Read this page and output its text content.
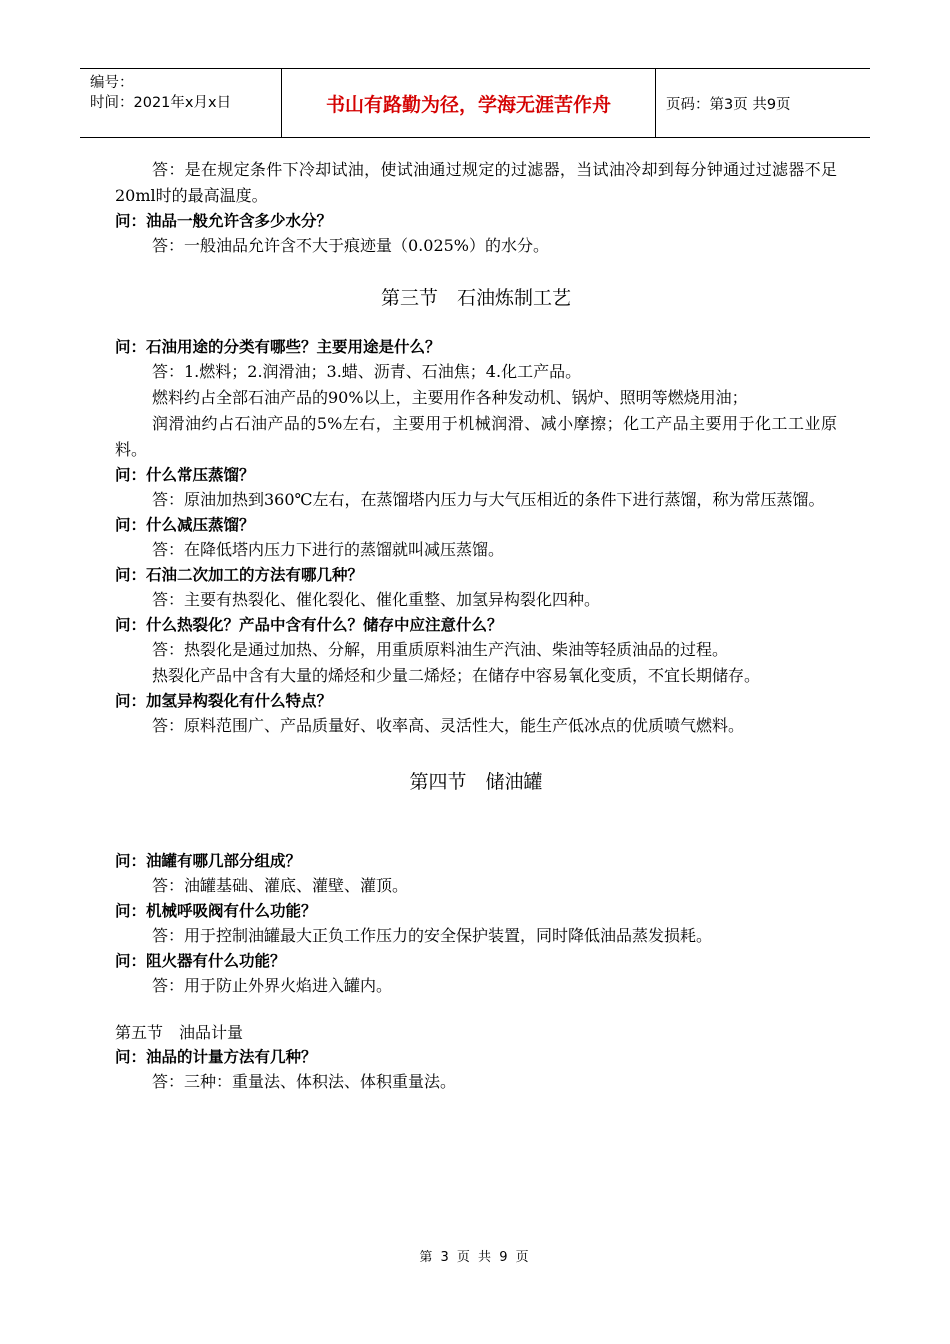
编号：
时间：2021年x月x日	书山有路勤为径，学海无涯苦作舟	页码：第3页 共9页

答：是在规定条件下冷却试油，使试油通过规定的过滤器，当试油冷却到每分钟通过过滤器不足20ml时的最高温度。

问：油品一般允许含多少水分？

答：一般油品允许含不大于痕迹量（0.025%）的水分。

第三节　石油炼制工艺

问：石油用途的分类有哪些？主要用途是什么？

答：1.燃料；2.润滑油；3.蜡、沥青、石油焦；4.化工产品。

燃料约占全部石油产品的90%以上，主要用作各种发动机、锅炉、照明等燃烧用油；

润滑油约占石油产品的5%左右，主要用于机械润滑、减小摩擦；化工产品主要用于化工工业原料。

问：什么常压蒸馏？

答：原油加热到360℃左右，在蒸馏塔内压力与大气压相近的条件下进行蒸馏，称为常压蒸馏。

问：什么减压蒸馏？

答：在降低塔内压力下进行的蒸馏就叫减压蒸馏。

问：石油二次加工的方法有哪几种？

答：主要有热裂化、催化裂化、催化重整、加氢异构裂化四种。

问：什么热裂化？产品中含有什么？储存中应注意什么？

答：热裂化是通过加热、分解，用重质原料油生产汽油、柴油等轻质油品的过程。

热裂化产品中含有大量的烯烃和少量二烯烃；在储存中容易氧化变质，不宜长期储存。

问：加氢异构裂化有什么特点？

答：原料范围广、产品质量好、收率高、灵活性大，能生产低冰点的优质喷气燃料。

第四节　储油罐

问：油罐有哪几部分组成？

答：油罐基础、灌底、灌壁、灌顶。

问：机械呼吸阀有什么功能？

答：用于控制油罐最大正负工作压力的安全保护装置，同时降低油品蒸发损耗。

问：阻火器有什么功能？

答：用于防止外界火焰进入罐内。

第五节　油品计量

问：油品的计量方法有几种？

答：三种：重量法、体积法、体积重量法。

第 3 页 共 9 页
